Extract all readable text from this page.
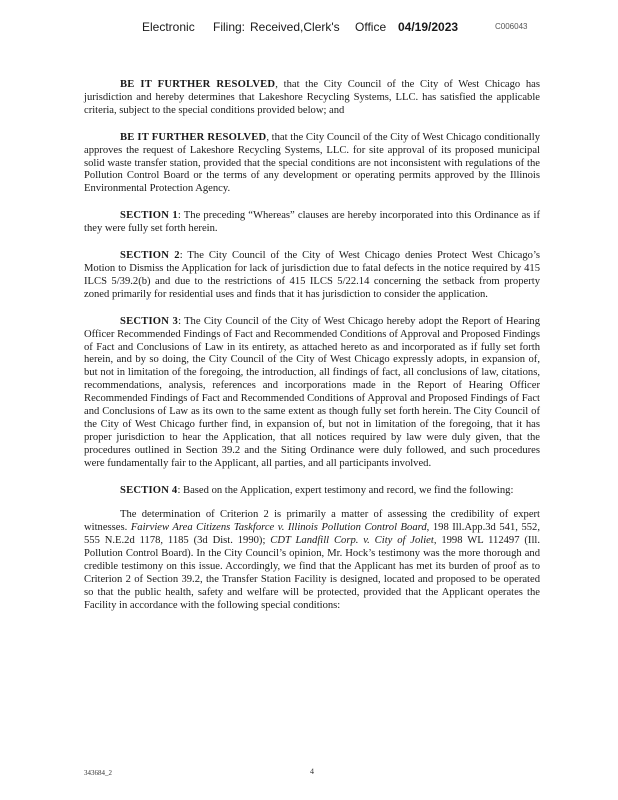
Electronic Filing: Received,Clerk's Office 04/19/2023	C006043

BE IT FURTHER RESOLVED, that the City Council of the City of West Chicago has jurisdiction and hereby determines that Lakeshore Recycling Systems, LLC. has satisfied the applicable criteria, subject to the special conditions provided below; and

BE IT FURTHER RESOLVED, that the City Council of the City of West Chicago conditionally approves the request of Lakeshore Recycling Systems, LLC. for site approval of its proposed municipal solid waste transfer station, provided that the special conditions are not inconsistent with regulations of the Pollution Control Board or the terms of any development or operating permits approved by the Illinois Environmental Protection Agency.

SECTION 1: The preceding “Whereas” clauses are hereby incorporated into this Ordinance as if they were fully set forth herein.

SECTION 2: The City Council of the City of West Chicago denies Protect West Chicago’s Motion to Dismiss the Application for lack of jurisdiction due to fatal defects in the notice required by 415 ILCS 5/39.2(b) and due to the restrictions of 415 ILCS 5/22.14 concerning the setback from property zoned primarily for residential uses and finds that it has jurisdiction to consider the application.

SECTION 3: The City Council of the City of West Chicago hereby adopt the Report of Hearing Officer Recommended Findings of Fact and Recommended Conditions of Approval and Proposed Findings of Fact and Conclusions of Law in its entirety, as attached hereto as and incorporated as if fully set forth herein, and by so doing, the City Council of the City of West Chicago expressly adopts, in expansion of, but not in limitation of the foregoing, the introduction, all findings of fact, all conclusions of law, citations, recommendations, analysis, references and incorporations made in the Report of Hearing Officer Recommended Findings of Fact and Recommended Conditions of Approval and Proposed Findings of Fact and Conclusions of Law as its own to the same extent as though fully set forth herein. The City Council of the City of West Chicago further find, in expansion of, but not in limitation of the foregoing, that it has proper jurisdiction to hear the Application, that all notices required by law were duly given, that the procedures outlined in Section 39.2 and the Siting Ordinance were duly followed, and such procedures were fundamentally fair to the Applicant, all parties, and all participants involved.

SECTION 4: Based on the Application, expert testimony and record, we find the following:

The determination of Criterion 2 is primarily a matter of assessing the credibility of expert witnesses. Fairview Area Citizens Taskforce v. Illinois Pollution Control Board, 198 Ill.App.3d 541, 552, 555 N.E.2d 1178, 1185 (3d Dist. 1990); CDT Landfill Corp. v. City of Joliet, 1998 WL 112497 (Ill. Pollution Control Board). In the City Council’s opinion, Mr. Hock’s testimony was the more thorough and credible testimony on this issue. Accordingly, we find that the Applicant has met its burden of proof as to Criterion 2 of Section 39.2, the Transfer Station Facility is designed, located and proposed to be operated so that the public health, safety and welfare will be protected, provided that the Applicant operates the Facility in accordance with the following special conditions:

343684_2	4
